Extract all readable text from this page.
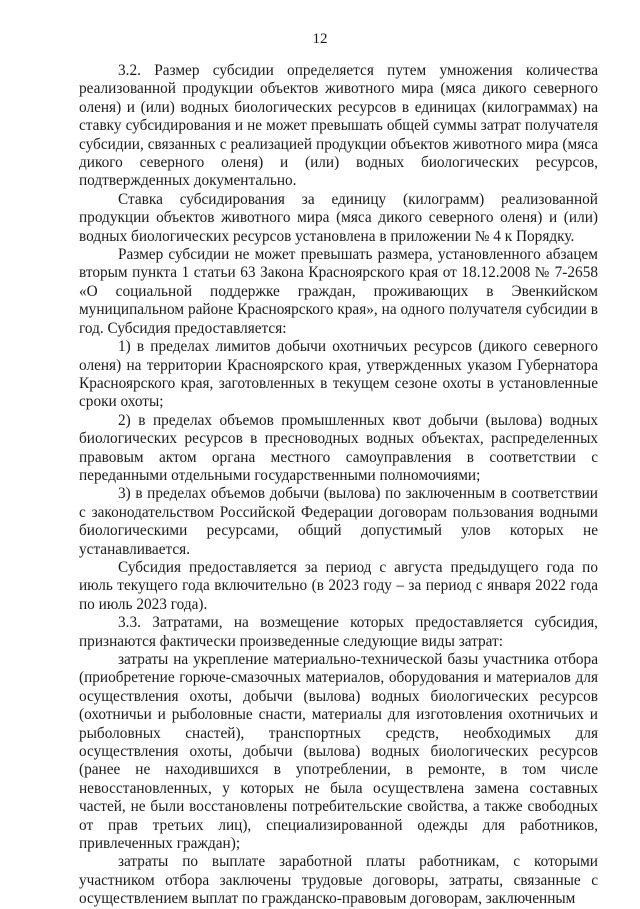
12

3.2. Размер субсидии определяется путем умножения количества реализованной продукции объектов животного мира (мяса дикого северного оленя) и (или) водных биологических ресурсов в единицах (килограммах) на ставку субсидирования и не может превышать общей суммы затрат получателя субсидии, связанных с реализацией продукции объектов животного мира (мяса дикого северного оленя) и (или) водных биологических ресурсов, подтвержденных документально.

Ставка субсидирования за единицу (килограмм) реализованной продукции объектов животного мира (мяса дикого северного оленя) и (или) водных биологических ресурсов установлена в приложении № 4 к Порядку.

Размер субсидии не может превышать размера, установленного абзацем вторым пункта 1 статьи 63 Закона Красноярского края от 18.12.2008 № 7-2658 «О социальной поддержке граждан, проживающих в Эвенкийском муниципальном районе Красноярского края», на одного получателя субсидии в год. Субсидия предоставляется:

1) в пределах лимитов добычи охотничьих ресурсов (дикого северного оленя) на территории Красноярского края, утвержденных указом Губернатора Красноярского края, заготовленных в текущем сезоне охоты в установленные сроки охоты;

2) в пределах объемов промышленных квот добычи (вылова) водных биологических ресурсов в пресноводных водных объектах, распределенных правовым актом органа местного самоуправления в соответствии с переданными отдельными государственными полномочиями;

3) в пределах объемов добычи (вылова) по заключенным в соответствии с законодательством Российской Федерации договорам пользования водными биологическими ресурсами, общий допустимый улов которых не устанавливается.

Субсидия предоставляется за период с августа предыдущего года по июль текущего года включительно (в 2023 году – за период с января 2022 года по июль 2023 года).

3.3. Затратами, на возмещение которых предоставляется субсидия, признаются фактически произведенные следующие виды затрат:

затраты на укрепление материально-технической базы участника отбора (приобретение горюче-смазочных материалов, оборудования и материалов для осуществления охоты, добычи (вылова) водных биологических ресурсов (охотничьи и рыболовные снасти, материалы для изготовления охотничьих и рыболовных снастей), транспортных средств, необходимых для осуществления охоты, добычи (вылова) водных биологических ресурсов (ранее не находившихся в употреблении, в ремонте, в том числе невосстановленных, у которых не была осуществлена замена составных частей, не были восстановлены потребительские свойства, а также свободных от прав третьих лиц), специализированной одежды для работников, привлеченных граждан);

затраты по выплате заработной платы работникам, с которыми участником отбора заключены трудовые договоры, затраты, связанные с осуществлением выплат по гражданско-правовым договорам, заключенным
